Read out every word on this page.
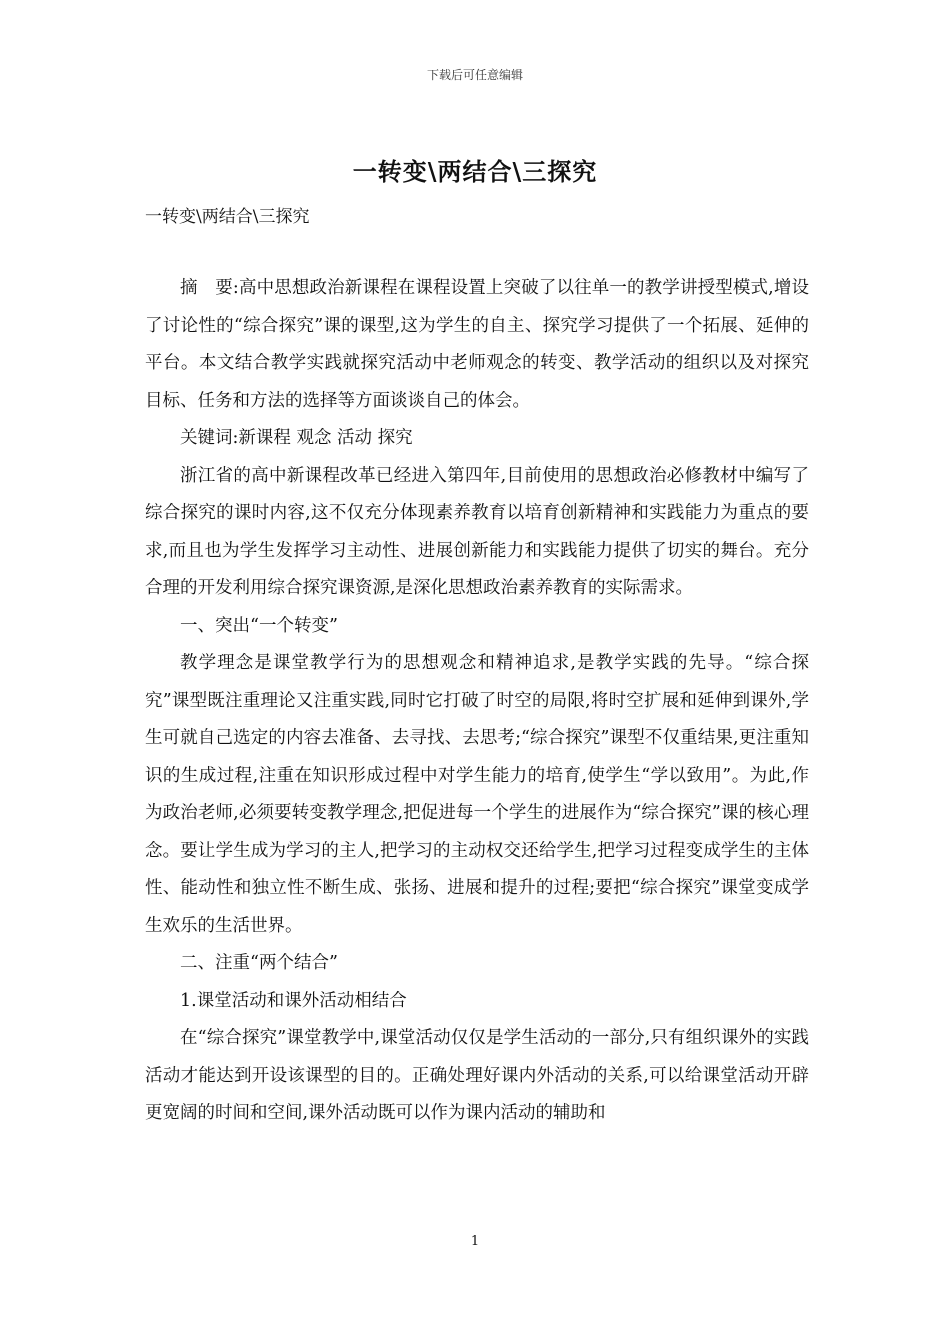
下载后可任意编辑
一转变\两结合\三探究
一转变\两结合\三探究

摘　要:高中思想政治新课程在课程设置上突破了以往单一的教学讲授型模式,增设了讨论性的“综合探究”课的课型,这为学生的自主、探究学习提供了一个拓展、延伸的平台。本文结合教学实践就探究活动中老师观念的转变、教学活动的组织以及对探究目标、任务和方法的选择等方面谈谈自己的体会。

关键词:新课程 观念 活动 探究

浙江省的高中新课程改革已经进入第四年,目前使用的思想政治必修教材中编写了综合探究的课时内容,这不仅充分体现素养教育以培育创新精神和实践能力为重点的要求,而且也为学生发挥学习主动性、进展创新能力和实践能力提供了切实的舞台。充分合理的开发利用综合探究课资源,是深化思想政治素养教育的实际需求。

一、突出“一个转变”

教学理念是课堂教学行为的思想观念和精神追求,是教学实践的先导。“综合探究”课型既注重理论又注重实践,同时它打破了时空的局限,将时空扩展和延伸到课外,学生可就自己选定的内容去准备、去寻找、去思考;“综合探究”课型不仅重结果,更注重知识的生成过程,注重在知识形成过程中对学生能力的培育,使学生“学以致用”。为此,作为政治老师,必须要转变教学理念,把促进每一个学生的进展作为“综合探究”课的核心理念。要让学生成为学习的主人,把学习的主动权交还给学生,把学习过程变成学生的主体性、能动性和独立性不断生成、张扬、进展和提升的过程;要把“综合探究”课堂变成学生欢乐的生活世界。

二、注重“两个结合”

1.课堂活动和课外活动相结合

在“综合探究”课堂教学中,课堂活动仅仅是学生活动的一部分,只有组织课外的实践活动才能达到开设该课型的目的。正确处理好课内外活动的关系,可以给课堂活动开辟更宽阔的时间和空间,课外活动既可以作为课内活动的辅助和

1
